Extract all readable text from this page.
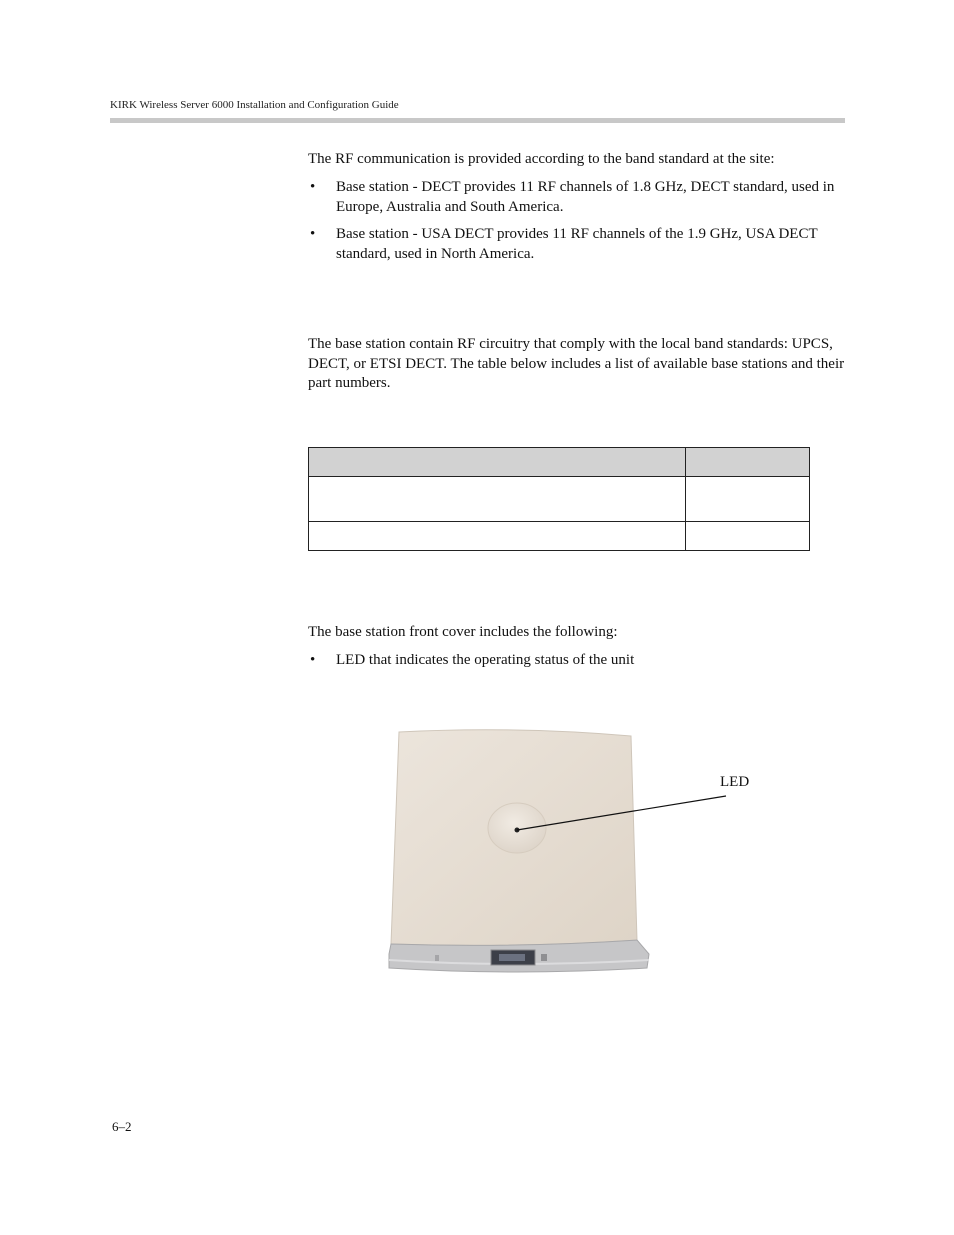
KIRK Wireless Server 6000 Installation and Configuration Guide

The RF communication is provided according to the band standard at the site:

• Base station - DECT provides 11 RF channels of 1.8 GHz, DECT standard, used in Europe, Australia and South America.
• Base station - USA DECT provides 11 RF channels of the 1.9 GHz, USA DECT standard, used in North America.

The base station contain RF circuitry that comply with the local band standards: UPCS, DECT, or ETSI DECT. The table below includes a list of available base stations and their part numbers.

The base station front cover includes the following:

• LED that indicates the operating status of the unit
LED
6–2
